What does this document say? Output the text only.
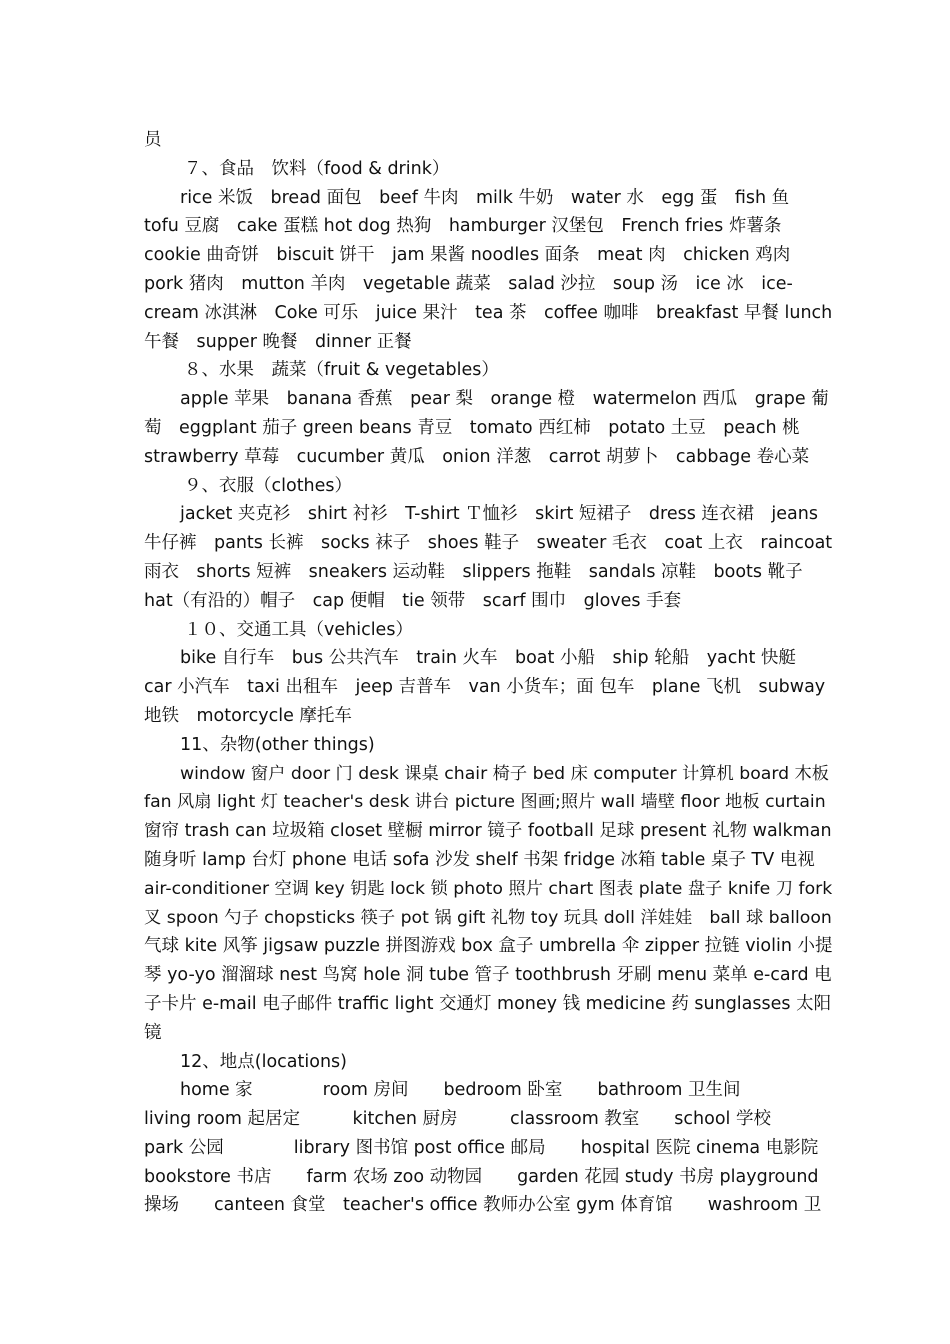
员
７、食品　饮料（food & drink）
rice 米饭　bread 面包　beef 牛肉　milk 牛奶　water 水　egg 蛋　fish 鱼
tofu 豆腐　cake 蛋糕 hot dog 热狗　hamburger 汉堡包　French fries 炸薯条
cookie 曲奇饼　biscuit 饼干　jam 果酱 noodles 面条　meat 肉　chicken 鸡肉
pork 猪肉　mutton 羊肉　vegetable 蔬菜　salad 沙拉　soup 汤　ice 冰　ice-
cream 冰淇淋　Coke 可乐　juice 果汁　tea 茶　coffee 咖啡　breakfast 早餐 lunch
午餐　supper 晚餐　dinner 正餐
８、水果　蔬菜（fruit & vegetables）
apple 苹果　banana 香蕉　pear 梨　orange 橙　watermelon 西瓜　grape 葡
萄　eggplant 茄子 green beans 青豆　tomato 西红柿　potato 土豆　peach 桃
strawberry 草莓　cucumber 黄瓜　onion 洋葱　carrot 胡萝卜　cabbage 卷心菜
９、衣服（clothes）
jacket 夹克衫　shirt 衬衫　T-shirt Ｔ恤衫　skirt 短裙子　dress 连衣裙　jeans
牛仔裤　pants 长裤　socks 袜子　shoes 鞋子　sweater 毛衣　coat 上衣　raincoat
雨衣　shorts 短裤　sneakers 运动鞋　slippers 拖鞋　sandals 凉鞋　boots 靴子
hat（有沿的）帽子　cap 便帽　tie 领带　scarf 围巾　gloves 手套
１０、交通工具（vehicles）
bike 自行车　bus 公共汽车　train 火车　boat 小船　ship 轮船　yacht 快艇
car 小汽车　taxi 出租车　jeep 吉普车　van 小货车；面 包车　plane 飞机　subway
地铁　motorcycle 摩托车
11、杂物(other things)
window 窗户 door 门 desk 课桌 chair 椅子 bed 床 computer 计算机 board 木板
fan 风扇 light 灯 teacher's desk 讲台 picture 图画;照片 wall 墙壁 floor 地板 curtain
窗帘 trash can 垃圾箱 closet 壁橱 mirror 镜子 football 足球 present 礼物 walkman
随身听 lamp 台灯 phone 电话 sofa 沙发 shelf 书架 fridge 冰箱 table 桌子 TV 电视
air-conditioner 空调 key 钥匙 lock 锁 photo 照片 chart 图表 plate 盘子 knife 刀 fork
叉 spoon 勺子 chopsticks 筷子 pot 锅 gift 礼物 toy 玩具 doll 洋娃娃　ball 球 balloon
气球 kite 风筝 jigsaw puzzle 拼图游戏 box 盒子 umbrella 伞 zipper 拉链 violin 小提
琴 yo-yo 溜溜球 nest 鸟窝 hole 洞 tube 管子 toothbrush 牙刷 menu 菜单 e-card 电
子卡片 e-mail 电子邮件 traffic light 交通灯 money 钱 medicine 药 sunglasses 太阳
镜
12、地点(locations)
home 家　　　　room 房间　　bedroom 卧室　　bathroom 卫生间
living room 起居定　　　kitchen 厨房　　　classroom 教室　　school 学校
park 公园　　　　library 图书馆 post office 邮局　　hospital 医院 cinema 电影院
bookstore 书店　　farm 农场 zoo 动物园　　garden 花园 study 书房 playground
操场　　canteen 食堂　teacher's office 教师办公室 gym 体育馆　　washroom 卫
